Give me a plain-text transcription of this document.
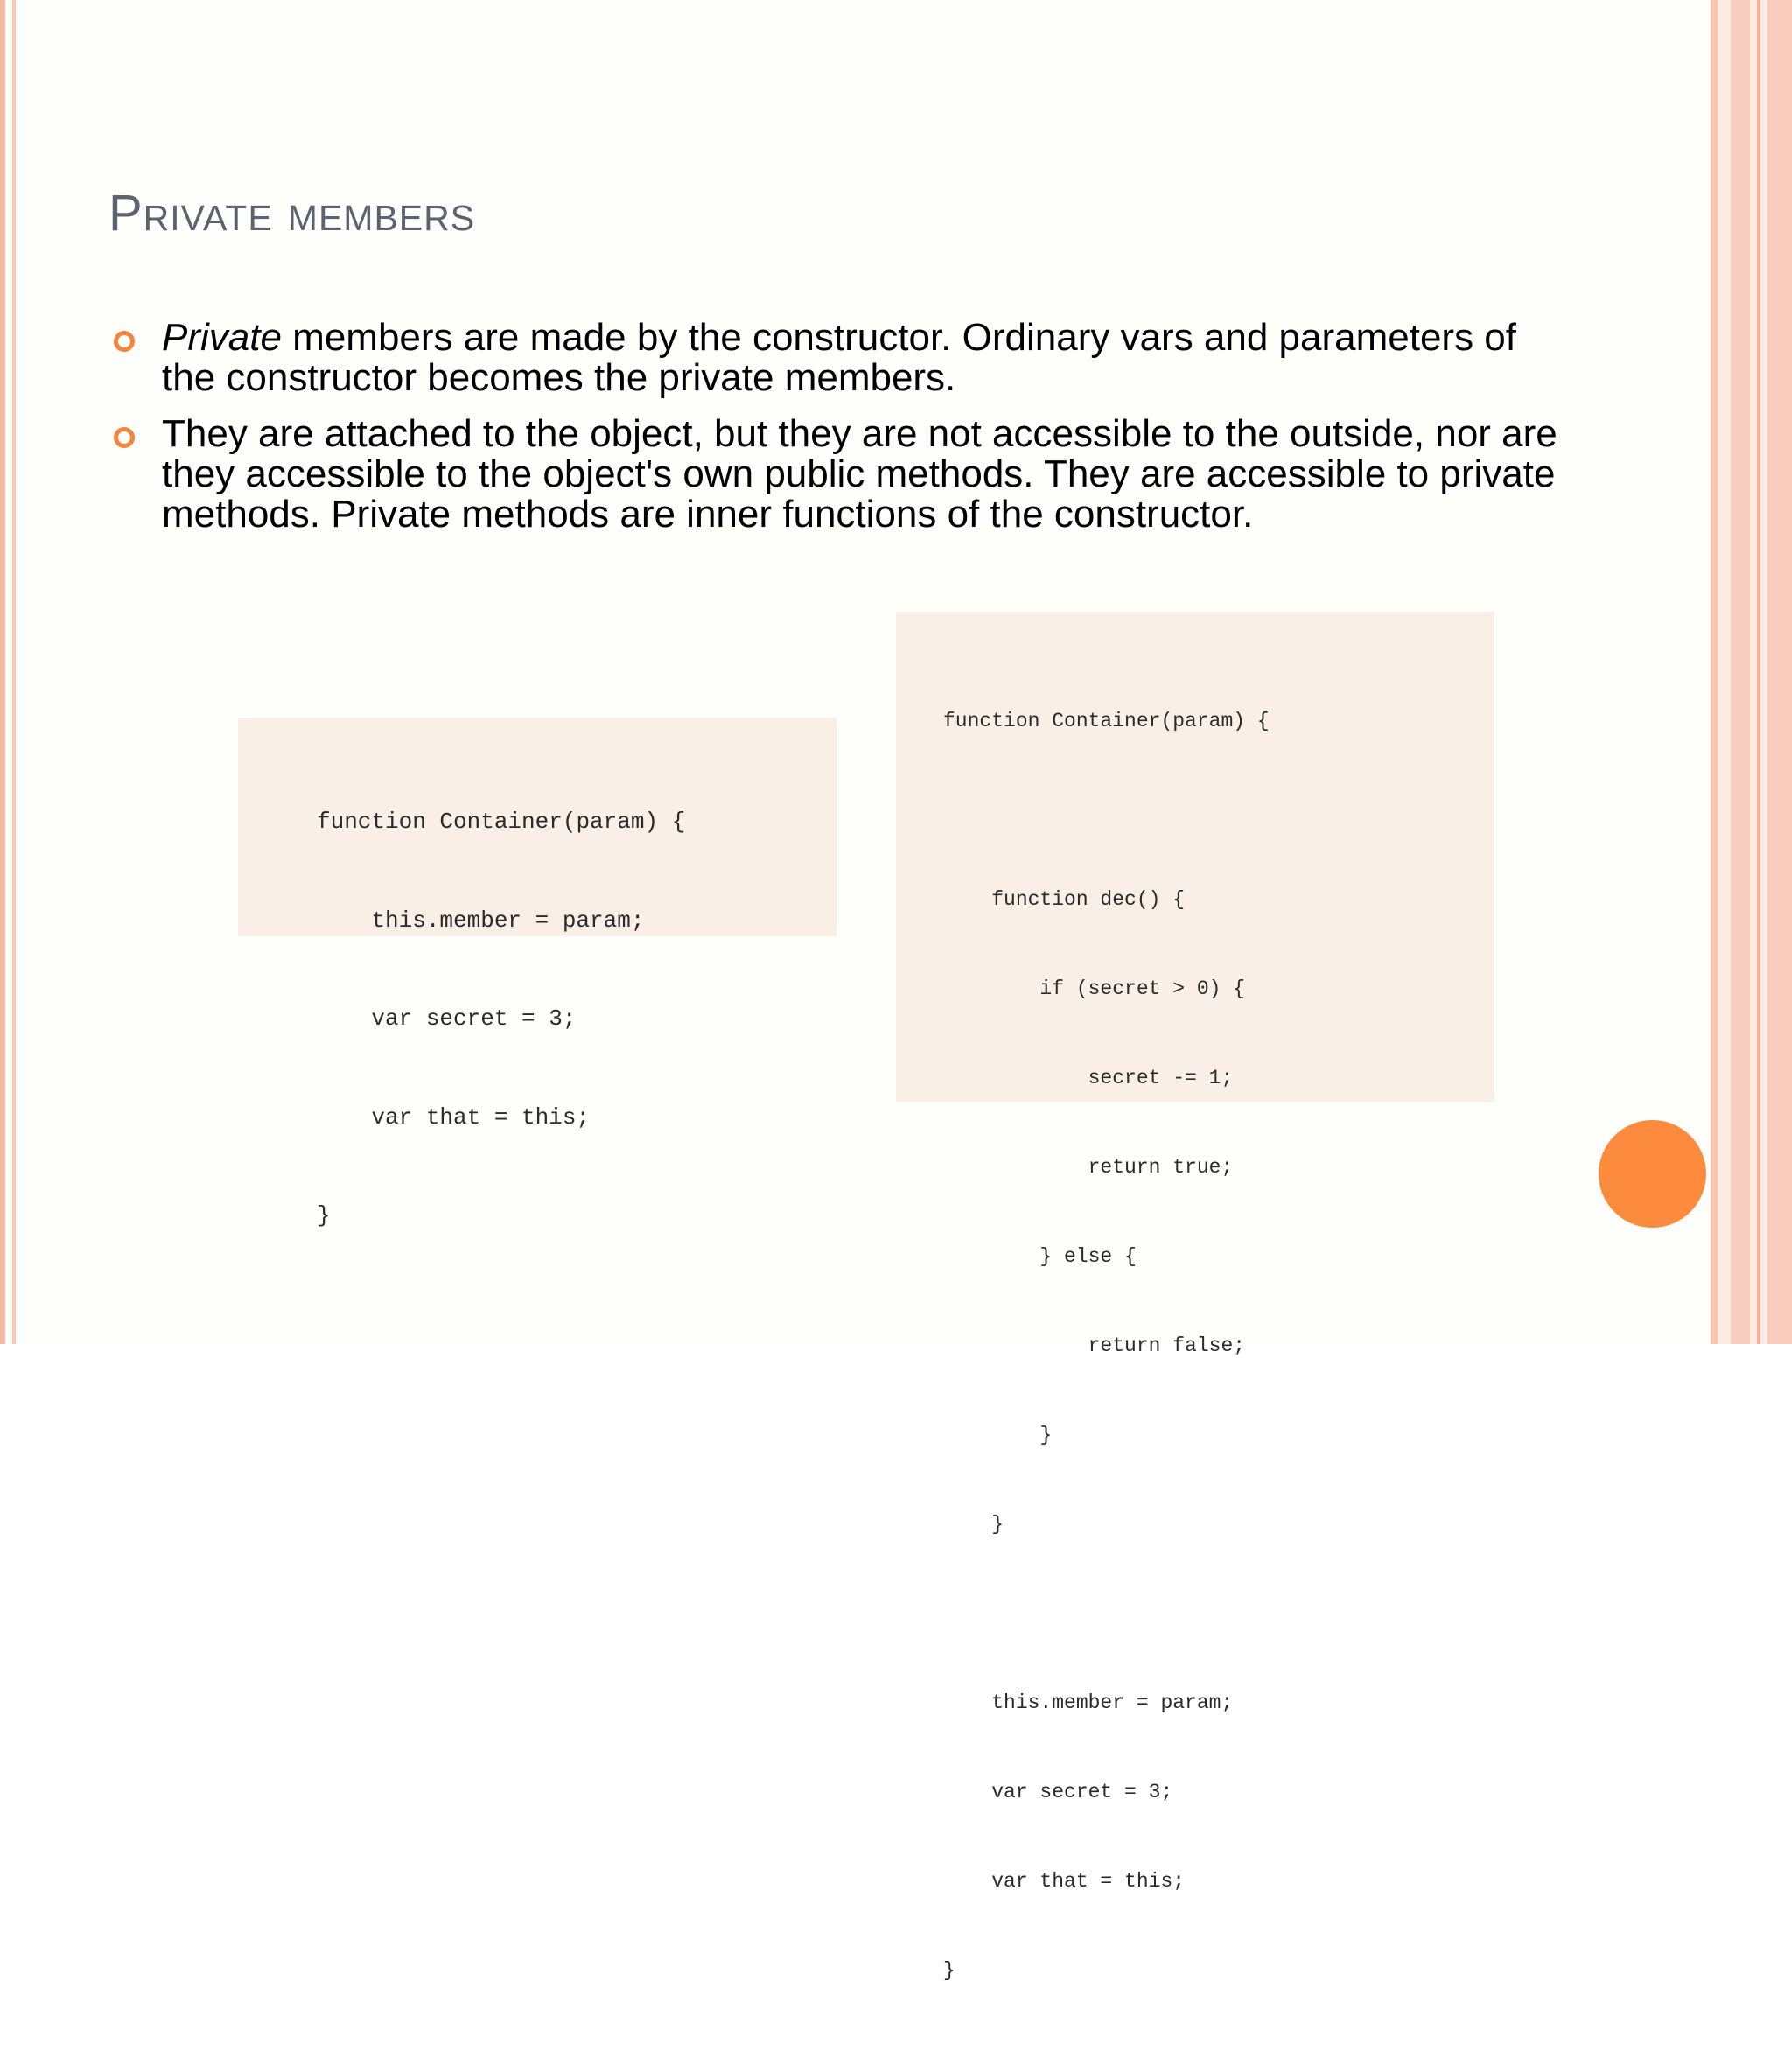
Private members
Private members are made by the constructor. Ordinary vars and parameters of the constructor becomes the private members.
They are attached to the object, but they are not accessible to the outside, nor are they accessible to the object's own public methods. They are accessible to private methods. Private methods are inner functions of the constructor.

function Container(param) {

this.member = param;

var secret = 3;

var that = this;

}

function Container(param) {

function dec() {

if (secret > 0) {

secret -= 1;

return true;

} else {

return false;

}

}

this.member = param;

var secret = 3;

var that = this;

}
